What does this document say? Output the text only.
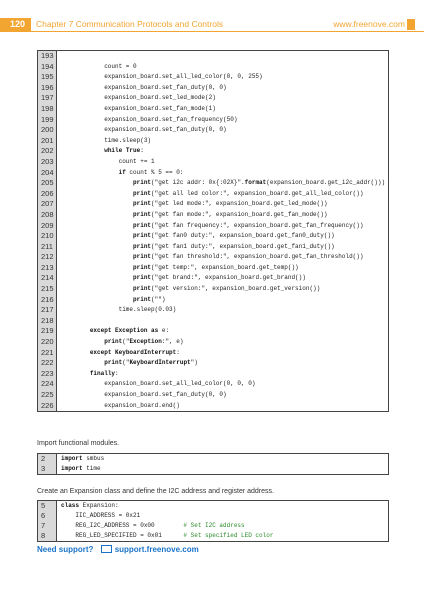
120 Chapter 7 Communication Protocols and Controls	www.freenove.com
193
194	count = 0
195	expansion_board.set_all_led_color(0, 0, 255)
196	expansion_board.set_fan_duty(0, 0)
197	expansion_board.set_led_mode(2)
198	expansion_board.set_fan_mode(1)
199	expansion_board.set_fan_frequency(50)
200	expansion_board.set_fan_duty(0, 0)
201	time.sleep(3)
202	while True:
203	count += 1
204	if count % 5 == 0:
205	print("get i2c addr: 0x{:02X}".format(expansion_board.get_i2c_addr()))
206	print("get all led color:", expansion_board.get_all_led_color())
207	print("get led mode:", expansion_board.get_led_mode())
208	print("get fan mode:", expansion_board.get_fan_mode())
209	print("get fan frequency:", expansion_board.get_fan_frequency())
210	print("get fan0 duty:", expansion_board.get_fan0_duty())
211	print("get fan1 duty:", expansion_board.get_fan1_duty())
212	print("get fan threshold:", expansion_board.get_fan_threshold())
213	print("get temp:", expansion_board.get_temp())
214	print("get brand:", expansion_board.get_brand())
215	print("get version:", expansion_board.get_version())
216	print("")
217	time.sleep(0.03)
218
219	except Exception as e:
220	print("Exception:", e)
221	except KeyboardInterrupt:
222	print("KeyboardInterrupt")
223	finally:
224	expansion_board.set_all_led_color(0, 0, 0)
225	expansion_board.set_fan_duty(0, 0)
226	expansion_board.end()
Import functional modules.
2	import smbus
3	import time
Create an Expansion class and define the I2C address and register address.
5	class Expansion:
6	IIC_ADDRESS = 0x21
7	REG_I2C_ADDRESS = 0x00        # Set I2C address
8	REG_LED_SPECIFIED = 0x01      # Set specified LED color
Need support?	support.freenove.com
